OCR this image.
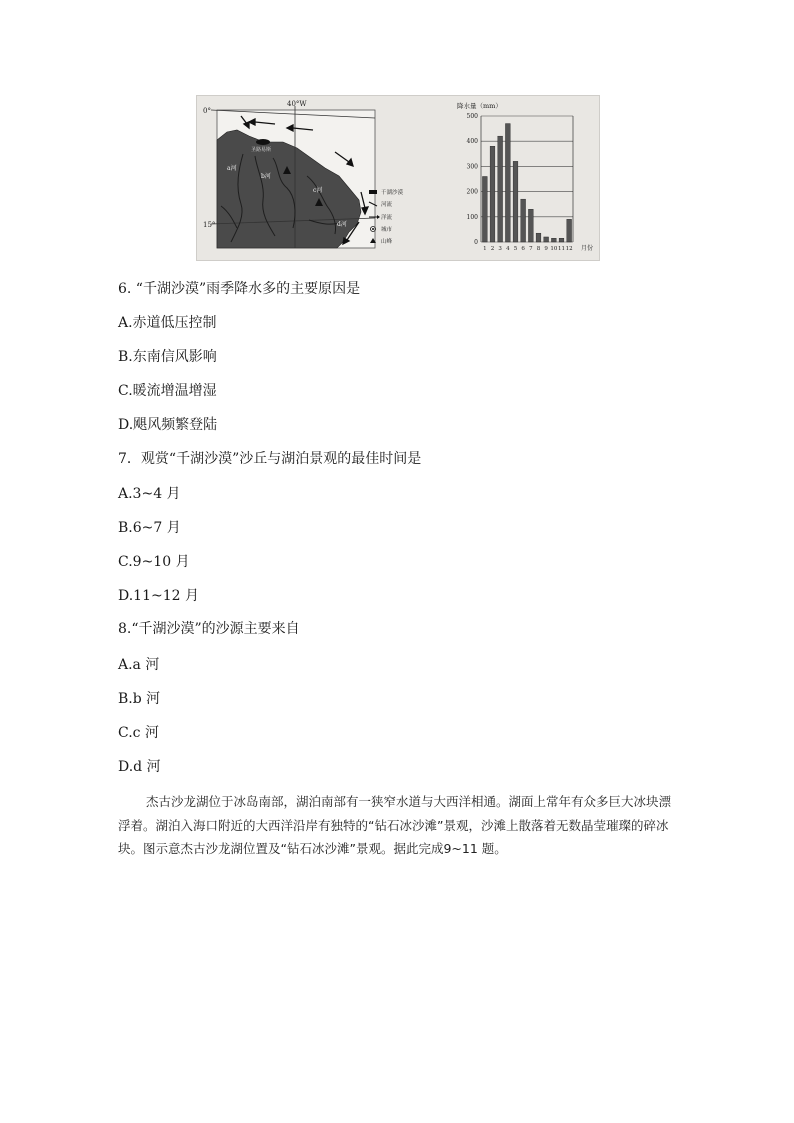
0°
15°
40°W
圣路易斯
a河
b河
c河
d河
千湖沙漠
河流
洋流
城市
山峰
降水量（mm）
0
100
200
300
400
500
1 2 3 4 5 6 7 8 9 10 11 12 月份
6. “千湖沙漠”雨季降水多的主要原因是
A.赤道低压控制
B.东南信风影响
C.暖流增温增湿
D.飓风频繁登陆
7．观赏“千湖沙漠”沙丘与湖泊景观的最佳时间是
A.3~4 月
B.6~7 月
C.9~10 月
D.11~12 月
8.“千湖沙漠”的沙源主要来自
A.a 河
B.b 河
C.c 河
D.d 河

杰古沙龙湖位于冰岛南部，湖泊南部有一狭窄水道与大西洋相通。湖面上常年有众多巨大冰块漂浮着。湖泊入海口附近的大西洋沿岸有独特的“钻石冰沙滩”景观，沙滩上散落着无数晶莹璀璨的碎冰块。图示意杰古沙龙湖位置及“钻石冰沙滩”景观。据此完成9~11 题。
